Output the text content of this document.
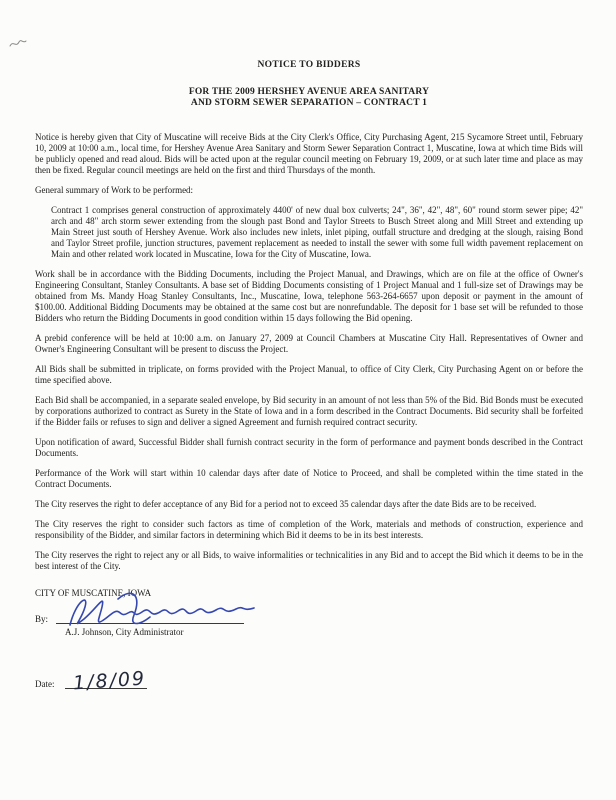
NOTICE TO BIDDERS
FOR THE 2009 HERSHEY AVENUE AREA SANITARY
AND STORM SEWER SEPARATION – CONTRACT 1

Notice is hereby given that City of Muscatine will receive Bids at the City Clerk's Office, City Purchasing Agent, 215 Sycamore Street until, February 10, 2009 at 10:00 a.m., local time, for Hershey Avenue Area Sanitary and Storm Sewer Separation Contract 1, Muscatine, Iowa at which time Bids will be publicly opened and read aloud. Bids will be acted upon at the regular council meeting on February 19, 2009, or at such later time and place as may then be fixed. Regular council meetings are held on the first and third Thursdays of the month.

General summary of Work to be performed:

Contract 1 comprises general construction of approximately 4400' of new dual box culverts; 24", 36", 42", 48", 60" round storm sewer pipe; 42" arch and 48" arch storm sewer extending from the slough past Bond and Taylor Streets to Busch Street along and Mill Street and extending up Main Street just south of Hershey Avenue. Work also includes new inlets, inlet piping, outfall structure and dredging at the slough, raising Bond and Taylor Street profile, junction structures, pavement replacement as needed to install the sewer with some full width pavement replacement on Main and other related work located in Muscatine, Iowa for the City of Muscatine, Iowa.

Work shall be in accordance with the Bidding Documents, including the Project Manual, and Drawings, which are on file at the office of Owner's Engineering Consultant, Stanley Consultants. A base set of Bidding Documents consisting of 1 Project Manual and 1 full-size set of Drawings may be obtained from Ms. Mandy Hoag Stanley Consultants, Inc., Muscatine, Iowa, telephone 563-264-6657 upon deposit or payment in the amount of $100.00. Additional Bidding Documents may be obtained at the same cost but are nonrefundable. The deposit for 1 base set will be refunded to those Bidders who return the Bidding Documents in good condition within 15 days following the Bid opening.

A prebid conference will be held at 10:00 a.m. on January 27, 2009 at Council Chambers at Muscatine City Hall. Representatives of Owner and Owner's Engineering Consultant will be present to discuss the Project.

All Bids shall be submitted in triplicate, on forms provided with the Project Manual, to office of City Clerk, City Purchasing Agent on or before the time specified above.

Each Bid shall be accompanied, in a separate sealed envelope, by Bid security in an amount of not less than 5% of the Bid. Bid Bonds must be executed by corporations authorized to contract as Surety in the State of Iowa and in a form described in the Contract Documents. Bid security shall be forfeited if the Bidder fails or refuses to sign and deliver a signed Agreement and furnish required contract security.

Upon notification of award, Successful Bidder shall furnish contract security in the form of performance and payment bonds described in the Contract Documents.

Performance of the Work will start within 10 calendar days after date of Notice to Proceed, and shall be completed within the time stated in the Contract Documents.

The City reserves the right to defer acceptance of any Bid for a period not to exceed 35 calendar days after the date Bids are to be received.

The City reserves the right to consider such factors as time of completion of the Work, materials and methods of construction, experience and responsibility of the Bidder, and similar factors in determining which Bid it deems to be in its best interests.

The City reserves the right to reject any or all Bids, to waive informalities or technicalities in any Bid and to accept the Bid which it deems to be in the best interest of the City.

CITY OF MUSCATINE, IOWA
By:
A.J. Johnson, City Administrator
Date: 1/8/09
